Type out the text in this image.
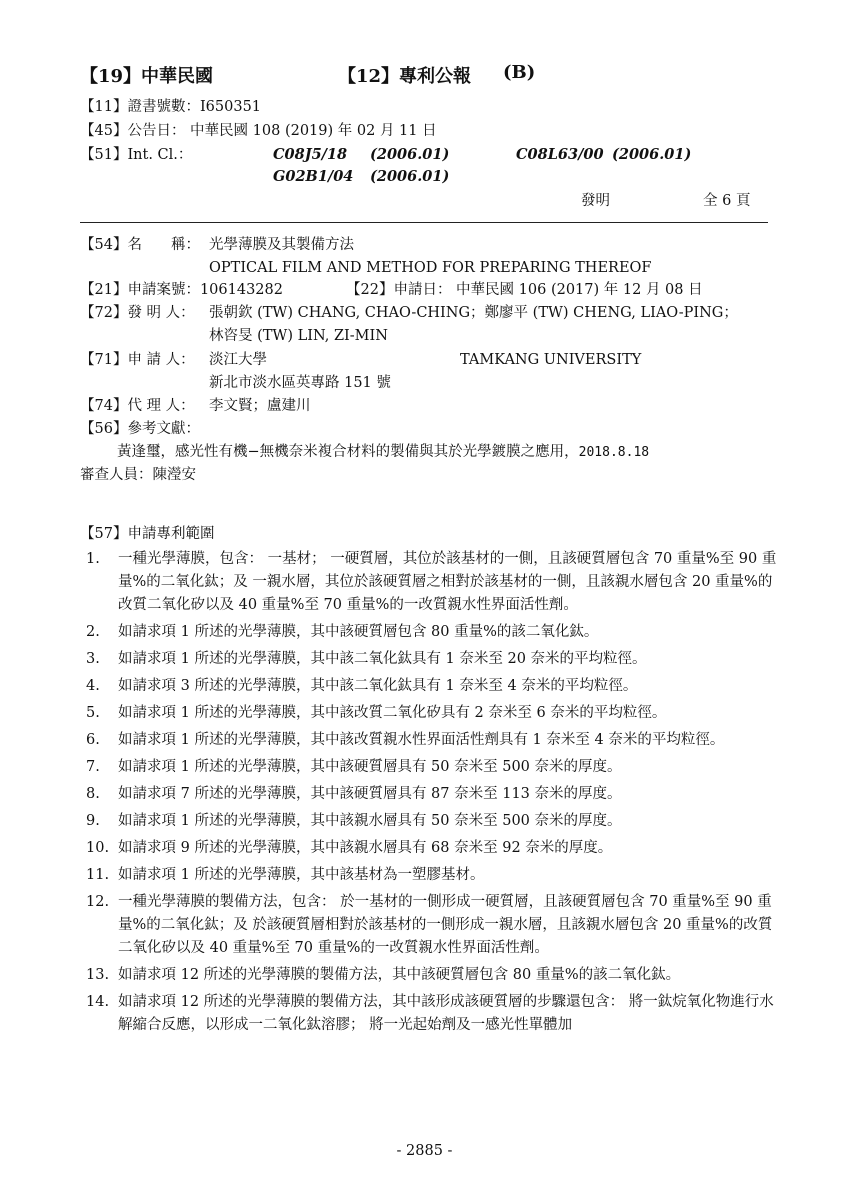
【19】中華民國	【12】專利公報 (B)
【11】證書號數：I650351
【45】公告日： 中華民國 108 (2019) 年 02 月 11 日
【51】Int. Cl.：	C08J5/18 (2006.01)	C08L63/00 (2006.01)
G02B1/04 (2006.01)
發明	全 6 頁
【54】名　　稱： 光學薄膜及其製備方法
OPTICAL FILM AND METHOD FOR PREPARING THEREOF
【21】申請案號：106143282	【22】申請日： 中華民國 106 (2017) 年 12 月 08 日
【72】發 明 人： 張朝欽 (TW) CHANG, CHAO-CHING；鄭廖平 (TW) CHENG, LIAO-PING；
林咨旻 (TW) LIN, ZI-MIN
【71】申 請 人： 淡江大學	TAMKANG UNIVERSITY
新北市淡水區英專路 151 號
【74】代 理 人： 李文賢；盧建川
【56】參考文獻：
黃逢璽，感光性有機−無機奈米複合材料的製備與其於光學鍍膜之應用，2018.8.18
審查人員：陳瀅安
【57】申請專利範圍
1.	一種光學薄膜，包含： 一基材； 一硬質層，其位於該基材的一側，且該硬質層包含 70 重量%至 90 重量%的二氧化鈦；及 一親水層，其位於該硬質層之相對於該基材的一側，且該親水層包含 20 重量%的改質二氧化矽以及 40 重量%至 70 重量%的一改質親水性界面活性劑。
2.	如請求項 1 所述的光學薄膜，其中該硬質層包含 80 重量%的該二氧化鈦。
3.	如請求項 1 所述的光學薄膜，其中該二氧化鈦具有 1 奈米至 20 奈米的平均粒徑。
4.	如請求項 3 所述的光學薄膜，其中該二氧化鈦具有 1 奈米至 4 奈米的平均粒徑。
5.	如請求項 1 所述的光學薄膜，其中該改質二氧化矽具有 2 奈米至 6 奈米的平均粒徑。
6.	如請求項 1 所述的光學薄膜，其中該改質親水性界面活性劑具有 1 奈米至 4 奈米的平均粒徑。
7.	如請求項 1 所述的光學薄膜，其中該硬質層具有 50 奈米至 500 奈米的厚度。
8.	如請求項 7 所述的光學薄膜，其中該硬質層具有 87 奈米至 113 奈米的厚度。
9.	如請求項 1 所述的光學薄膜，其中該親水層具有 50 奈米至 500 奈米的厚度。
10. 如請求項 9 所述的光學薄膜，其中該親水層具有 68 奈米至 92 奈米的厚度。
11. 如請求項 1 所述的光學薄膜，其中該基材為一塑膠基材。
12. 一種光學薄膜的製備方法，包含： 於一基材的一側形成一硬質層，且該硬質層包含 70 重量%至 90 重量%的二氧化鈦；及 於該硬質層相對於該基材的一側形成一親水層，且該親水層包含 20 重量%的改質二氧化矽以及 40 重量%至 70 重量%的一改質親水性界面活性劑。
13. 如請求項 12 所述的光學薄膜的製備方法，其中該硬質層包含 80 重量%的該二氧化鈦。
14. 如請求項 12 所述的光學薄膜的製備方法，其中該形成該硬質層的步驟還包含： 將一鈦烷氧化物進行水解縮合反應，以形成一二氧化鈦溶膠； 將一光起始劑及一感光性單體加
- 2885 -
